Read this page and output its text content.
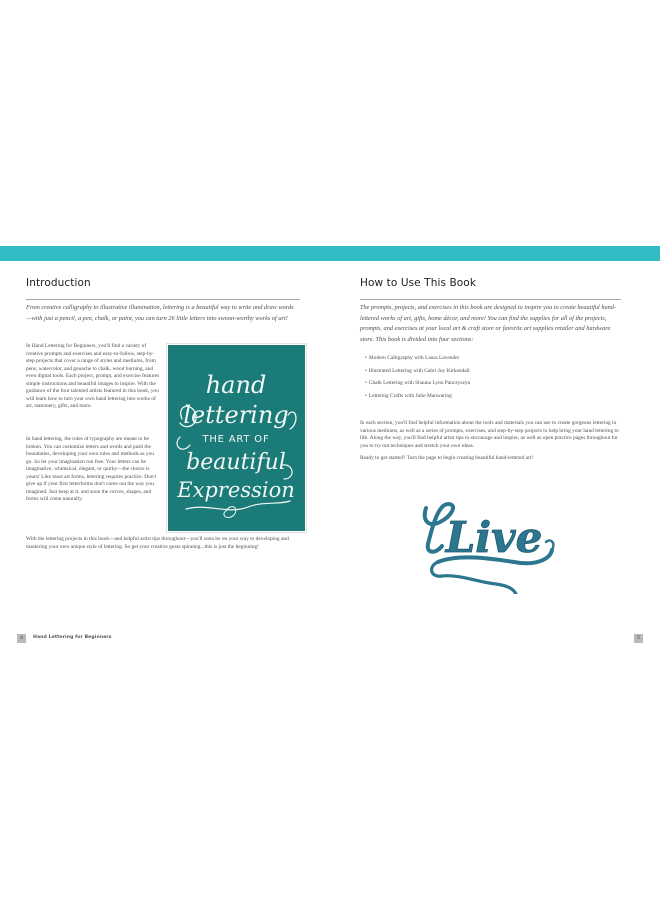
Introduction

From creative calligraphy to illustrative illumination, lettering is a beautiful way to write and draw words—with just a pencil, a pen, chalk, or paint, you can turn 26 little letters into swoon-worthy works of art!

In Hand Lettering for Beginners, you'll find a variety of creative prompts and exercises and easy-to-follow, step-by-step projects that cover a range of styles and mediums, from pens, watercolor, and gouache to chalk, wood burning, and even digital tools. Each project, prompt, and exercise features simple instructions and beautiful images to inspire. With the guidance of the four talented artists featured in this book, you will learn how to turn your own hand lettering into works of art, stationery, gifts, and more.

In hand lettering, the rules of typography are meant to be broken. You can customize letters and words and push the boundaries, developing your own rules and methods as you go. So let your imagination run free. Your letters can be imaginative, whimsical, elegant, or quirky—the choice is yours! Like most art forms, lettering requires practice. Don't give up if your first letterforms don't come out the way you imagined. Just keep at it, and soon the curves, shapes, and forms will come naturally.

With the lettering projects in this book—and helpful artist tips throughout—you'll soon be on your way to developing and mastering your own unique style of lettering. So get your creative gears spinning...this is just the beginning!

hand
lettering
THE ART OF
beautiful
Expression
4	Hand Lettering for Beginners
How to Use This Book

The prompts, projects, and exercises in this book are designed to inspire you to create beautiful hand-lettered works of art, gifts, home décor, and more! You can find the supplies for all of the projects, prompts, and exercises at your local art & craft store or favorite art supplies retailer and hardware store. This book is divided into four sections:

• Modern Calligraphy with Laura Lavender
• Illustrated Lettering with Gabri Joy Kirkendall
• Chalk Lettering with Shauna Lynn Panczyszyn
• Lettering Crafts with Julie Manwaring

In each section, you'll find helpful information about the tools and materials you can use to create gorgeous lettering in various mediums, as well as a series of prompts, exercises, and step-by-step projects to help bring your hand lettering to life. Along the way, you'll find helpful artist tips to encourage and inspire, as well as open practice pages throughout for you to try out techniques and stretch your own ideas.

Ready to get started? Turn the page to begin creating beautiful hand-lettered art!

Live
5
